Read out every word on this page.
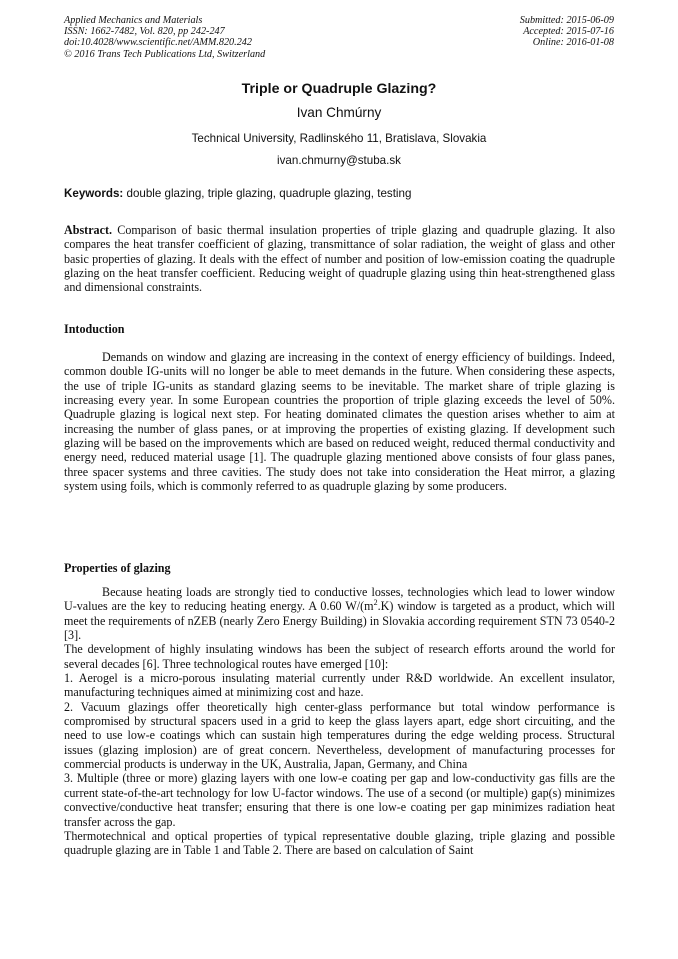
Applied Mechanics and Materials
ISSN: 1662-7482, Vol. 820, pp 242-247
doi:10.4028/www.scientific.net/AMM.820.242
© 2016 Trans Tech Publications Ltd, Switzerland
Submitted: 2015-06-09
Accepted: 2015-07-16
Online: 2016-01-08
Triple or Quadruple Glazing?
Ivan Chmúrny
Technical University, Radlinského 11, Bratislava, Slovakia
ivan.chmurny@stuba.sk
Keywords: double glazing, triple glazing, quadruple glazing, testing

Abstract. Comparison of basic thermal insulation properties of triple glazing and quadruple glazing. It also compares the heat transfer coefficient of glazing, transmittance of solar radiation, the weight of glass and other basic properties of glazing. It deals with the effect of number and position of low-emission coating the quadruple glazing on the heat transfer coefficient. Reducing weight of quadruple glazing using thin heat-strengthened glass and dimensional constraints.

Intoduction

Demands on window and glazing are increasing in the context of energy efficiency of buildings. Indeed, common double IG-units will no longer be able to meet demands in the future. When considering these aspects, the use of triple IG-units as standard glazing seems to be inevitable. The market share of triple glazing is increasing every year. In some European countries the proportion of triple glazing exceeds the level of 50%. Quadruple glazing is logical next step. For heating dominated climates the question arises whether to aim at increasing the number of glass panes, or at improving the properties of existing glazing. If development such glazing will be based on the improvements which are based on reduced weight, reduced thermal conductivity and energy need, reduced material usage [1]. The quadruple glazing mentioned above consists of four glass panes, three spacer systems and three cavities. The study does not take into consideration the Heat mirror, a glazing system using foils, which is commonly referred to as quadruple glazing by some producers.

Properties of glazing

Because heating loads are strongly tied to conductive losses, technologies which lead to lower window U-values are the key to reducing heating energy. A 0.60 $W/(m^2.K)$ window is targeted as a product, which will meet the requirements of nZEB (nearly Zero Energy Building) in Slovakia according requirement STN 73 0540-2 [3].

The development of highly insulating windows has been the subject of research efforts around the world for several decades [6]. Three technological routes have emerged [10]:

1. Aerogel is a micro-porous insulating material currently under R&D worldwide. An excellent insulator, manufacturing techniques aimed at minimizing cost and haze.

2. Vacuum glazings offer theoretically high center-glass performance but total window performance is compromised by structural spacers used in a grid to keep the glass layers apart, edge short circuiting, and the need to use low-e coatings which can sustain high temperatures during the edge welding process. Structural issues (glazing implosion) are of great concern. Nevertheless, development of manufacturing processes for commercial products is underway in the UK, Australia, Japan, Germany, and China

3. Multiple (three or more) glazing layers with one low-e coating per gap and low-conductivity gas fills are the current state-of-the-art technology for low U-factor windows. The use of a second (or multiple) gap(s) minimizes convective/conductive heat transfer; ensuring that there is one low-e coating per gap minimizes radiation heat transfer across the gap.

Thermotechnical and optical properties of typical representative double glazing, triple glazing and possible quadruple glazing are in Table 1 and Table 2. There are based on calculation of Saint
